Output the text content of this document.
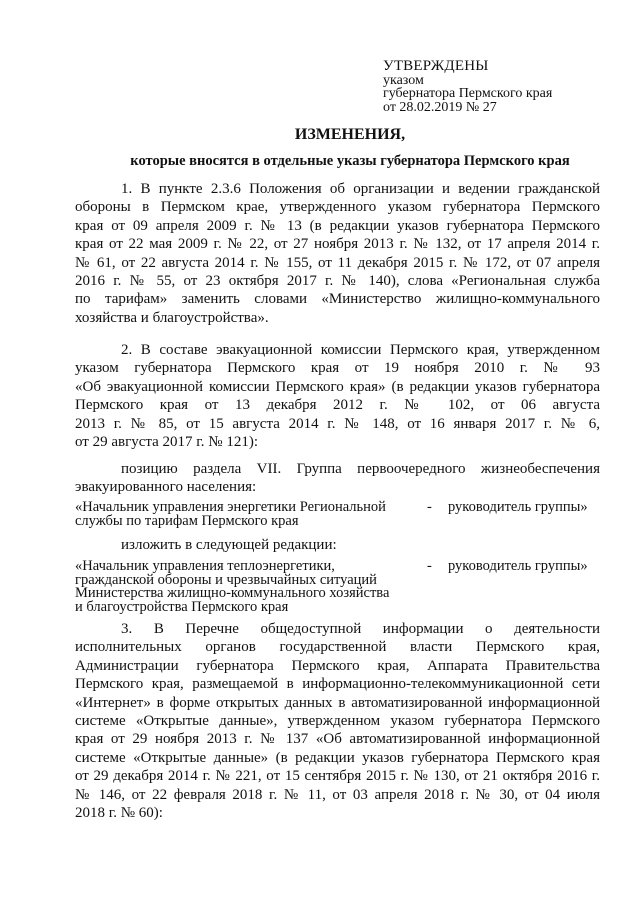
УТВЕРЖДЕНЫ
указом
губернатора Пермского края
от 28.02.2019 № 27
ИЗМЕНЕНИЯ,
которые вносятся в отдельные указы губернатора Пермского края
1. В пункте 2.3.6 Положения об организации и ведении гражданской
обороны в Пермском крае, утвержденного указом губернатора Пермского
края от 09 апреля 2009 г. № 13 (в редакции указов губернатора Пермского
края от 22 мая 2009 г. № 22, от 27 ноября 2013 г. № 132, от 17 апреля 2014 г.
№ 61, от 22 августа 2014 г. № 155, от 11 декабря 2015 г. № 172, от 07 апреля
2016 г. № 55, от 23 октября 2017 г. № 140), слова «Региональная служба
по тарифам» заменить словами «Министерство жилищно-коммунального
хозяйства и благоустройства».
2. В составе эвакуационной комиссии Пермского края, утвержденном
указом губернатора Пермского края от 19 ноября 2010 г. № 93
«Об эвакуационной комиссии Пермского края» (в редакции указов губернатора
Пермского края от 13 декабря 2012 г. № 102, от 06 августа
2013 г. № 85, от 15 августа 2014 г. № 148, от 16 января 2017 г. № 6,
от 29 августа 2017 г. № 121):
позицию раздела VII. Группа первоочередного жизнеобеспечения
эвакуированного населения:
«Начальник управления энергетики Региональной
службы по тарифам Пермского края
- руководитель группы»
изложить в следующей редакции:
«Начальник управления теплоэнергетики,
гражданской обороны и чрезвычайных ситуаций
Министерства жилищно-коммунального хозяйства
и благоустройства Пермского края
- руководитель группы»
3. В Перечне общедоступной информации о деятельности
исполнительных органов государственной власти Пермского края,
Администрации губернатора Пермского края, Аппарата Правительства
Пермского края, размещаемой в информационно-телекоммуникационной сети
«Интернет» в форме открытых данных в автоматизированной информационной
системе «Открытые данные», утвержденном указом губернатора Пермского
края от 29 ноября 2013 г. № 137 «Об автоматизированной информационной
системе «Открытые данные» (в редакции указов губернатора Пермского края
от 29 декабря 2014 г. № 221, от 15 сентября 2015 г. № 130, от 21 октября 2016 г.
№ 146, от 22 февраля 2018 г. № 11, от 03 апреля 2018 г. № 30, от 04 июля
2018 г. № 60):
